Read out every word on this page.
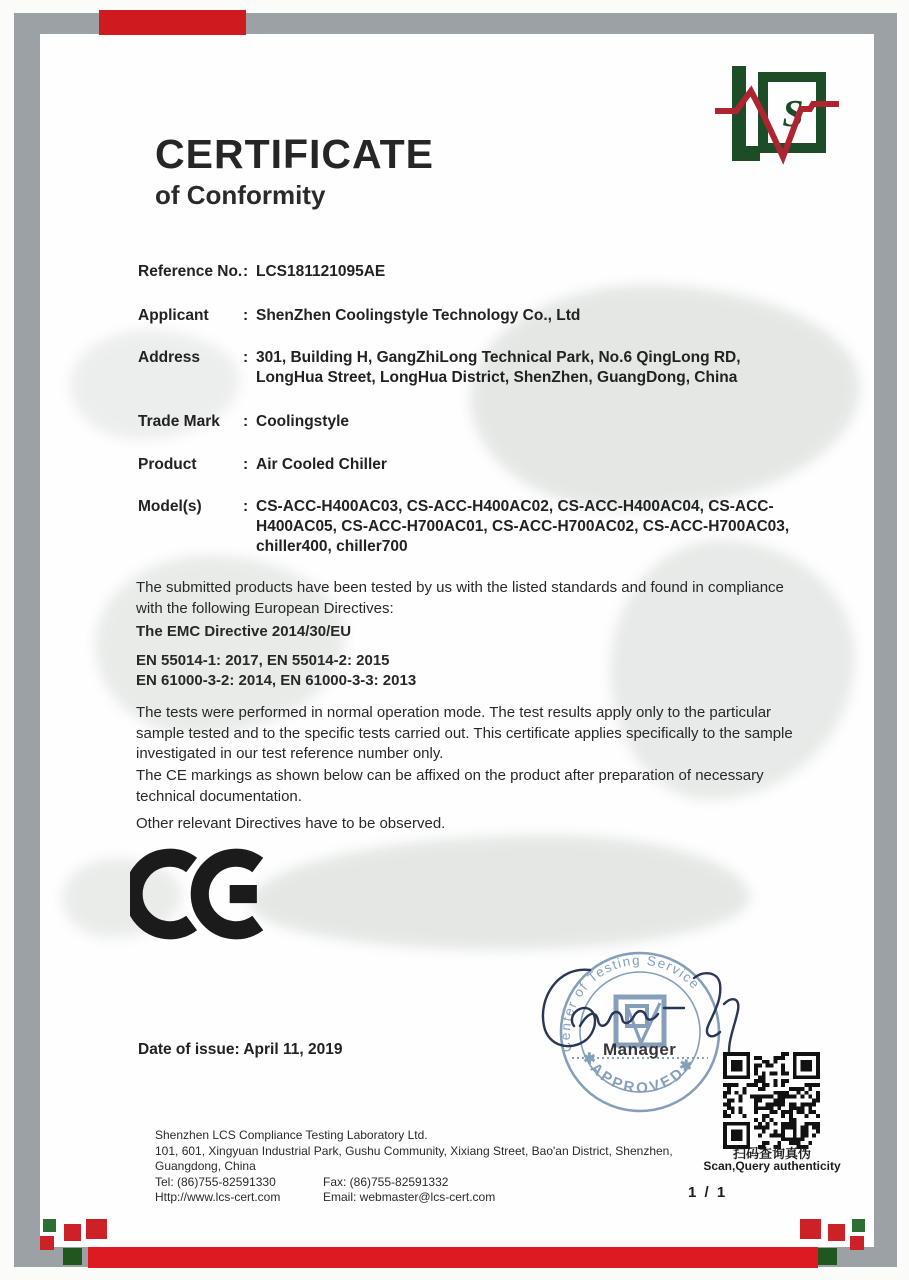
CERTIFICATE
of Conformity
S
Reference No. : LCS181121095AE
Applicant	: ShenZhen Coolingstyle Technology Co., Ltd
Address	: 301, Building H, GangZhiLong Technical Park, No.6 QingLong RD, LongHua Street, LongHua District, ShenZhen, GuangDong, China
Trade Mark	: Coolingstyle
Product	: Air Cooled Chiller
Model(s)	: CS-ACC-H400AC03, CS-ACC-H400AC02, CS-ACC-H400AC04, CS-ACC-H400AC05, CS-ACC-H700AC01, CS-ACC-H700AC02, CS-ACC-H700AC03, chiller400, chiller700
The submitted products have been tested by us with the listed standards and found in compliance with the following European Directives:
The EMC Directive 2014/30/EU
EN 55014-1: 2017, EN 55014-2: 2015
EN 61000-3-2: 2014, EN 61000-3-3: 2013
The tests were performed in normal operation mode. The test results apply only to the particular sample tested and to the specific tests carried out. This certificate applies specifically to the sample investigated in our test reference number only.
The CE markings as shown below can be affixed on the product after preparation of necessary technical documentation.
Other relevant Directives have to be observed.
Center of Testing Service
✱APPROVED✱
Manager
Date of issue: April 11, 2019
扫码查询真伪
Scan,Query authenticity
1 / 1
Shenzhen LCS Compliance Testing Laboratory Ltd.
101, 601, Xingyuan Industrial Park, Gushu Community, Xixiang Street, Bao'an District, Shenzhen,
Guangdong, China
Tel: (86)755-82591330	Fax: (86)755-82591332
Http://www.lcs-cert.com	Email: webmaster@lcs-cert.com
